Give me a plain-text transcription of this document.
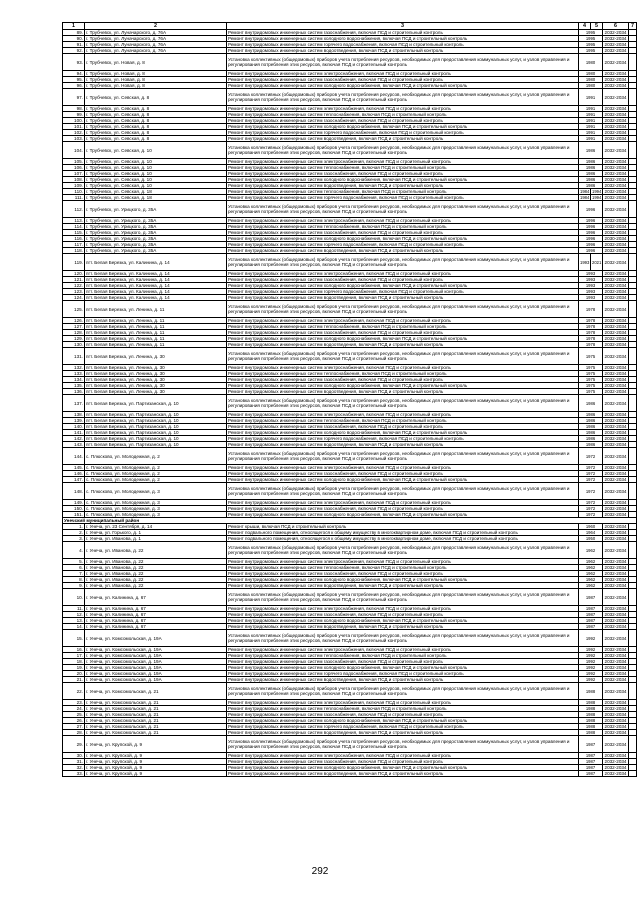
1	2	3	4	5	6	7
89.	г. Трубчевск, ул. Луначарского, д. 76А	Ремонт внутридомовых инженерных систем газоснабжения, включая ПСД и строительный контроль	1995		2032-2034	
90.	г. Трубчевск, ул. Луначарского, д. 76А	Ремонт внутридомовых инженерных систем холодного водоснабжения, включая ПСД и строительный контроль	1995		2032-2034	
91.	г. Трубчевск, ул. Луначарского, д. 76А	Ремонт внутридомовых инженерных систем горячего водоснабжения, включая ПСД и строительный контроль	1995		2032-2034	
92.	г. Трубчевск, ул. Луначарского, д. 76А	Ремонт внутридомовых инженерных систем водоотведения, включая ПСД и строительный контроль	1995		2032-2034	
93.	г. Трубчевск, ул. Новая, д. 8	Установка коллективных (общедомовых) приборов учета потребления ресурсов, необходимых для предоставления коммунальных услуг, и узлов управления и регулирования потребления этих ресурсов, включая ПСД и строительный контроль	1980		2032-2034	
94.	г. Трубчевск, ул. Новая, д. 8	Ремонт внутридомовых инженерных систем электроснабжения, включая ПСД и строительный контроль	1980		2032-2034	
95.	г. Трубчевск, ул. Новая, д. 8	Ремонт внутридомовых инженерных систем газоснабжения, включая ПСД и строительный контроль	1980		2032-2034	
96.	г. Трубчевск, ул. Новая, д. 8	Ремонт внутридомовых инженерных систем холодного водоснабжения, включая ПСД и строительный контроль	1980		2032-2034	
97.	г. Трубчевск, ул. Севская, д. 8	Установка коллективных (общедомовых) приборов учета потребления ресурсов, необходимых для предоставления коммунальных услуг, и узлов управления и регулирования потребления этих ресурсов, включая ПСД и строительный контроль	1991		2032-2034	
98.	г. Трубчевск, ул. Севская, д. 8	Ремонт внутридомовых инженерных систем электроснабжения, включая ПСД и строительный контроль	1991		2032-2034	
99.	г. Трубчевск, ул. Севская, д. 8	Ремонт внутридомовых инженерных систем теплоснабжения, включая ПСД и строительный контроль	1991		2032-2034	
100.	г. Трубчевск, ул. Севская, д. 8	Ремонт внутридомовых инженерных систем газоснабжения, включая ПСД и строительный контроль	1991		2032-2034	
101.	г. Трубчевск, ул. Севская, д. 8	Ремонт внутридомовых инженерных систем холодного водоснабжения, включая ПСД и строительный контроль	1991		2032-2034	
102.	г. Трубчевск, ул. Севская, д. 8	Ремонт внутридомовых инженерных систем горячего водоснабжения, включая ПСД и строительный контроль	1991		2032-2034	
103.	г. Трубчевск, ул. Севская, д. 8	Ремонт внутридомовых инженерных систем водоотведения, включая ПСД и строительный контроль	1991		2032-2034	
104.	г. Трубчевск, ул. Севская, д. 10	Установка коллективных (общедомовых) приборов учета потребления ресурсов, необходимых для предоставления коммунальных услуг, и узлов управления и регулирования потребления этих ресурсов, включая ПСД и строительный контроль	1986		2032-2034	
105.	г. Трубчевск, ул. Севская, д. 10	Ремонт внутридомовых инженерных систем электроснабжения, включая ПСД и строительный контроль	1986		2032-2034	
106.	г. Трубчевск, ул. Севская, д. 10	Ремонт внутридомовых инженерных систем теплоснабжения, включая ПСД и строительный контроль	1986		2032-2034	
107.	г. Трубчевск, ул. Севская, д. 10	Ремонт внутридомовых инженерных систем газоснабжения, включая ПСД и строительный контроль	1986		2032-2034	
108.	г. Трубчевск, ул. Севская, д. 10	Ремонт внутридомовых инженерных систем холодного водоснабжения, включая ПСД и строительный контроль	1986		2032-2034	
109.	г. Трубчевск, ул. Севская, д. 10	Ремонт внутридомовых инженерных систем водоотведения, включая ПСД и строительный контроль	1986		2032-2034	
110.	г. Трубчевск, ул. Севская, д. 18	Ремонт внутридомовых инженерных систем теплоснабжения, включая ПСД и строительный контроль	1984	1994	2032-2034	
111.	г. Трубчевск, ул. Севская, д. 18	Ремонт внутридомовых инженерных систем горячего водоснабжения, включая ПСД и строительный контроль	1984	1994	2032-2034	
112.	г. Трубчевск, ул. Урицкого, д. 35А	Установка коллективных (общедомовых) приборов учета потребления ресурсов, необходимых для предоставления коммунальных услуг, и узлов управления и регулирования потребления этих ресурсов, включая ПСД и строительный контроль	1996		2032-2034	
113.	г. Трубчевск, ул. Урицкого, д. 35А	Ремонт внутридомовых инженерных систем электроснабжения, включая ПСД и строительный контроль	1996		2032-2034	
114.	г. Трубчевск, ул. Урицкого, д. 35А	Ремонт внутридомовых инженерных систем теплоснабжения, включая ПСД и строительный контроль	1996		2032-2034	
115.	г. Трубчевск, ул. Урицкого, д. 35А	Ремонт внутридомовых инженерных систем газоснабжения, включая ПСД и строительный контроль	1996		2032-2034	
116.	г. Трубчевск, ул. Урицкого, д. 35А	Ремонт внутридомовых инженерных систем холодного водоснабжения, включая ПСД и строительный контроль	1996		2030-2034	
117.	г. Трубчевск, ул. Урицкого, д. 35А	Ремонт внутридомовых инженерных систем горячего водоснабжения, включая ПСД и строительный контроль	1996		2032-2034	
118.	г. Трубчевск, ул. Урицкого, д. 35А	Ремонт внутридомовых инженерных систем водоотведения, включая ПСД и строительный контроль	1996		2032-2034	
119.	пгт. Белая Березка, ул. Калинина, д. 14	Установка коллективных (общедомовых) приборов учета потребления ресурсов, необходимых для предоставления коммунальных услуг, и узлов управления и регулирования потребления этих ресурсов, включая ПСД и строительный контроль	1993	2021	2032-2034	
120.	пгт. Белая Березка, ул. Калинина, д. 14	Ремонт внутридомовых инженерных систем электроснабжения, включая ПСД и строительный контроль	1993		2032-2034	
121.	пгт. Белая Березка, ул. Калинина, д. 14	Ремонт внутридомовых инженерных систем газоснабжения, включая ПСД и строительный контроль	1993		2032-2034	
122.	пгт. Белая Березка, ул. Калинина, д. 14	Ремонт внутридомовых инженерных систем холодного водоснабжения, включая ПСД и строительный контроль	1993		2032-2034	
123.	пгт. Белая Березка, ул. Калинина, д. 14	Ремонт внутридомовых инженерных систем горячего водоснабжения, включая ПСД и строительный контроль	1993		2032-2034	
124.	пгт. Белая Березка, ул. Калинина, д. 14	Ремонт внутридомовых инженерных систем водоотведения, включая ПСД и строительный контроль	1993		2032-2034	
125.	пгт. Белая Березка, ул. Ленина, д. 11	Установка коллективных (общедомовых) приборов учета потребления ресурсов, необходимых для предоставления коммунальных услуг, и узлов управления и регулирования потребления этих ресурсов, включая ПСД и строительный контроль	1978		2032-2034	
126.	пгт. Белая Березка, ул. Ленина, д. 11	Ремонт внутридомовых инженерных систем электроснабжения, включая ПСД и строительный контроль	1978		2032-2034	
127.	пгт. Белая Березка, ул. Ленина, д. 11	Ремонт внутридомовых инженерных систем теплоснабжения, включая ПСД и строительный контроль	1978		2032-2034	
128.	пгт. Белая Березка, ул. Ленина, д. 11	Ремонт внутридомовых инженерных систем газоснабжения, включая ПСД и строительный контроль	1978		2032-2034	
129.	пгт. Белая Березка, ул. Ленина, д. 11	Ремонт внутридомовых инженерных систем холодного водоснабжения, включая ПСД и строительный контроль	1978		2032-2034	
130.	пгт. Белая Березка, ул. Ленина, д. 11	Ремонт внутридомовых инженерных систем водоотведения, включая ПСД и строительный контроль	1978		2032-2034	
131.	пгт. Белая Березка, ул. Ленина, д. 30	Установка коллективных (общедомовых) приборов учета потребления ресурсов, необходимых для предоставления коммунальных услуг, и узлов управления и регулирования потребления этих ресурсов, включая ПСД и строительный контроль	1975		2032-2034	
132.	пгт. Белая Березка, ул. Ленина, д. 30	Ремонт внутридомовых инженерных систем электроснабжения, включая ПСД и строительный контроль	1975		2032-2034	
133.	пгт. Белая Березка, ул. Ленина, д. 30	Ремонт внутридомовых инженерных систем теплоснабжения, включая ПСД и строительный контроль	1975		2032-2034	
134.	пгт. Белая Березка, ул. Ленина, д. 30	Ремонт внутридомовых инженерных систем газоснабжения, включая ПСД и строительный контроль	1975		2032-2034	
135.	пгт. Белая Березка, ул. Ленина, д. 30	Ремонт внутридомовых инженерных систем холодного водоснабжения, включая ПСД и строительный контроль	1975		2032-2034	
136.	пгт. Белая Березка, ул. Ленина, д. 30	Ремонт внутридомовых инженерных систем водоотведения, включая ПСД и строительный контроль	1975		2032-2034	
137.	пгт. Белая Березка, ул. Партизанская, д. 10	Установка коллективных (общедомовых) приборов учета потребления ресурсов, необходимых для предоставления коммунальных услуг, и узлов управления и регулирования потребления этих ресурсов, включая ПСД и строительный контроль	1986		2032-2034	
138.	пгт. Белая Березка, ул. Партизанская, д. 10	Ремонт внутридомовых инженерных систем электроснабжения, включая ПСД и строительный контроль	1986		2032-2034	
139.	пгт. Белая Березка, ул. Партизанская, д. 10	Ремонт внутридомовых инженерных систем теплоснабжения, включая ПСД и строительный контроль	1986		2032-2034	
140.	пгт. Белая Березка, ул. Партизанская, д. 10	Ремонт внутридомовых инженерных систем газоснабжения, включая ПСД и строительный контроль	1986		2032-2034	
141.	пгт. Белая Березка, ул. Партизанская, д. 10	Ремонт внутридомовых инженерных систем холодного водоснабжения, включая ПСД и строительный контроль	1986		2032-2034	
142.	пгт. Белая Березка, ул. Партизанская, д. 10	Ремонт внутридомовых инженерных систем горячего водоснабжения, включая ПСД и строительный контроль	1986		2032-2034	
143.	пгт. Белая Березка, ул. Партизанская, д. 10	Ремонт внутридомовых инженерных систем водоотведения, включая ПСД и строительный контроль	1986		2032-2034	
144.	с. Плюсково, ул. Молодежная, д. 2	Установка коллективных (общедомовых) приборов учета потребления ресурсов, необходимых для предоставления коммунальных услуг, и узлов управления и регулирования потребления этих ресурсов, включая ПСД и строительный контроль	1972		2032-2034	
145.	с. Плюсково, ул. Молодежная, д. 2	Ремонт внутридомовых инженерных систем электроснабжения, включая ПСД и строительный контроль	1972		2032-2034	
146.	с. Плюсково, ул. Молодежная, д. 2	Ремонт внутридомовых инженерных систем газоснабжения, включая ПСД и строительный контроль	1972		2032-2034	
147.	с. Плюсково, ул. Молодежная, д. 2	Ремонт внутридомовых инженерных систем холодного водоснабжения, включая ПСД и строительный контроль	1972		2032-2034	
148.	с. Плюсково, ул. Молодежная, д. 3	Установка коллективных (общедомовых) приборов учета потребления ресурсов, необходимых для предоставления коммунальных услуг, и узлов управления и регулирования потребления этих ресурсов, включая ПСД и строительный контроль	1972		2032-2034	
149.	с. Плюсково, ул. Молодежная, д. 3	Ремонт внутридомовых инженерных систем электроснабжения, включая ПСД и строительный контроль	1972		2032-2034	
150.	с. Плюсково, ул. Молодежная, д. 3	Ремонт внутридомовых инженерных систем газоснабжения, включая ПСД и строительный контроль	1972		2032-2034	
151.	с. Плюсково, ул. Молодежная, д. 3	Ремонт внутридомовых инженерных систем холодного водоснабжения, включая ПСД и строительный контроль	1972		2032-2034	
Унечский муниципальный район						
1.	г. Унеча, ул. 23 Сентября, д. 14	Ремонт крыши, включая ПСД и строительный контроль	1960		2032-2034	
2.	г. Унеча, ул. Горького, д. 1	Ремонт подвального помещения, относящегося к общему имуществу в многоквартирном доме, включая ПСД и строительный контроль	1964		2032-2034	
3.	г. Унеча, ул. Иванова, д. 1	Ремонт подвального помещения, относящегося к общему имуществу в многоквартирном доме, включая ПСД и строительный контроль	1950		2032-2034	
4.	г. Унеча, ул. Иванова, д. 22	Установка коллективных (общедомовых) приборов учета потребления ресурсов, необходимых для предоставления коммунальных услуг, и узлов управления и регулирования потребления этих ресурсов, включая ПСД и строительный контроль	1962		2032-2034	
5.	г. Унеча, ул. Иванова, д. 22	Ремонт внутридомовых инженерных систем электроснабжения, включая ПСД и строительный контроль	1962		2032-2034	
6.	г. Унеча, ул. Иванова, д. 22	Ремонт внутридомовых инженерных систем теплоснабжения, включая ПСД и строительный контроль	1962		2032-2034	
7.	г. Унеча, ул. Иванова, д. 22	Ремонт внутридомовых инженерных систем газоснабжения, включая ПСД и строительный контроль	1962		2032-2034	
8.	г. Унеча, ул. Иванова, д. 22	Ремонт внутридомовых инженерных систем холодного водоснабжения, включая ПСД и строительный контроль	1962		2032-2034	
9.	г. Унеча, ул. Иванова, д. 22	Ремонт внутридомовых инженерных систем водоотведения, включая ПСД и строительный контроль	1962		2032-2034	
10.	г. Унеча, ул. Калинина, д. 67	Установка коллективных (общедомовых) приборов учета потребления ресурсов, необходимых для предоставления коммунальных услуг, и узлов управления и регулирования потребления этих ресурсов, включая ПСД и строительный контроль	1987		2032-2034	
11.	г. Унеча, ул. Калинина, д. 67	Ремонт внутридомовых инженерных систем электроснабжения, включая ПСД и строительный контроль	1987		2032-2034	
12.	г. Унеча, ул. Калинина, д. 67	Ремонт внутридомовых инженерных систем газоснабжения, включая ПСД и строительный контроль	1987		2032-2034	
13.	г. Унеча, ул. Калинина, д. 67	Ремонт внутридомовых инженерных систем холодного водоснабжения, включая ПСД и строительный контроль	1987		2032-2034	
14.	г. Унеча, ул. Калинина, д. 67	Ремонт внутридомовых инженерных систем водоотведения, включая ПСД и строительный контроль	1987		2032-2034	
15.	г. Унеча, ул. Комсомольская, д. 19А	Установка коллективных (общедомовых) приборов учета потребления ресурсов, необходимых для предоставления коммунальных услуг, и узлов управления и регулирования потребления этих ресурсов, включая ПСД и строительный контроль	1992		2032-2034	
16.	г. Унеча, ул. Комсомольская, д. 19А	Ремонт внутридомовых инженерных систем электроснабжения, включая ПСД и строительный контроль	1992		2032-2034	
17.	г. Унеча, ул. Комсомольская, д. 19А	Ремонт внутридомовых инженерных систем теплоснабжения, включая ПСД и строительный контроль	1992		2032-2034	
18.	г. Унеча, ул. Комсомольская, д. 19А	Ремонт внутридомовых инженерных систем газоснабжения, включая ПСД и строительный контроль	1992		2032-2034	
19.	г. Унеча, ул. Комсомольская, д. 19А	Ремонт внутридомовых инженерных систем холодного водоснабжения, включая ПСД и строительный контроль	1992		2032-2034	
20.	г. Унеча, ул. Комсомольская, д. 19А	Ремонт внутридомовых инженерных систем горячего водоснабжения, включая ПСД и строительный контроль	1992		2032-2034	
21.	г. Унеча, ул. Комсомольская, д. 19А	Ремонт внутридомовых инженерных систем водоотведения, включая ПСД и строительный контроль	1992		2032-2034	
22.	г. Унеча, ул. Комсомольская, д. 21	Установка коллективных (общедомовых) приборов учета потребления ресурсов, необходимых для предоставления коммунальных услуг, и узлов управления и регулирования потребления этих ресурсов, включая ПСД и строительный контроль	1988		2032-2034	
23.	г. Унеча, ул. Комсомольская, д. 21	Ремонт внутридомовых инженерных систем электроснабжения, включая ПСД и строительный контроль	1988		2032-2034	
24.	г. Унеча, ул. Комсомольская, д. 21	Ремонт внутридомовых инженерных систем теплоснабжения, включая ПСД и строительный контроль	1988		2032-2034	
25.	г. Унеча, ул. Комсомольская, д. 21	Ремонт внутридомовых инженерных систем газоснабжения, включая ПСД и строительный контроль	1988		2032-2034	
26.	г. Унеча, ул. Комсомольская, д. 21	Ремонт внутридомовых инженерных систем холодного водоснабжения, включая ПСД и строительный контроль	1988		2032-2034	
27.	г. Унеча, ул. Комсомольская, д. 21	Ремонт внутридомовых инженерных систем горячего водоснабжения, включая ПСД и строительный контроль	1988		2032-2034	
28.	г. Унеча, ул. Комсомольская, д. 21	Ремонт внутридомовых инженерных систем водоотведения, включая ПСД и строительный контроль	1988		2032-2034	
29.	г. Унеча, ул. Крупской, д. 9	Установка коллективных (общедомовых) приборов учета потребления ресурсов, необходимых для предоставления коммунальных услуг, и узлов управления и регулирования потребления этих ресурсов, включая ПСД и строительный контроль	1987		2032-2034	
30.	г. Унеча, ул. Крупской, д. 9	Ремонт внутридомовых инженерных систем электроснабжения, включая ПСД и строительный контроль	1987		2032-2034	
31.	г. Унеча, ул. Крупской, д. 9	Ремонт внутридомовых инженерных систем газоснабжения, включая ПСД и строительный контроль	1987		2032-2034	
32.	г. Унеча, ул. Крупской, д. 9	Ремонт внутридомовых инженерных систем холодного водоснабжения, включая ПСД и строительный контроль	1987		2032-2034	
33.	г. Унеча, ул. Крупской, д. 9	Ремонт внутридомовых инженерных систем водоотведения, включая ПСД и строительный контроль	1987		2032-2034	
292
